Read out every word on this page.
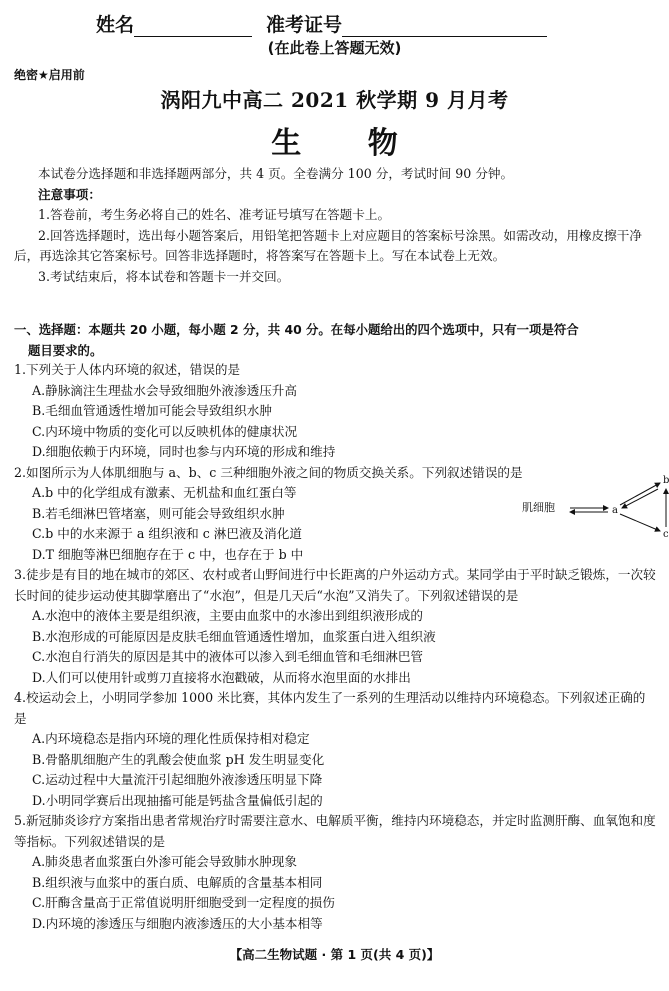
姓名	准考证号
(在此卷上答题无效)
绝密★启用前
涡阳九中高二 2021 秋学期 9 月月考
生 物

本试卷分选择题和非选择题两部分，共 4 页。全卷满分 100 分，考试时间 90 分钟。

注意事项：

1.答卷前，考生务必将自己的姓名、准考证号填写在答题卡上。

2.回答选择题时，选出每小题答案后，用铅笔把答题卡上对应题目的答案标号涂黑。如需改动，用橡皮擦干净后，再选涂其它答案标号。回答非选择题时，将答案写在答题卡上。写在本试卷上无效。

3.考试结束后，将本试卷和答题卡一并交回。

一、选择题：本题共 20 小题，每小题 2 分，共 40 分。在每小题给出的四个选项中，只有一项是符合
题目要求的。
1.下列关于人体内环境的叙述，错误的是
A.静脉滴注生理盐水会导致细胞外液渗透压升高
B.毛细血管通透性增加可能会导致组织水肿
C.内环境中物质的变化可以反映机体的健康状况
D.细胞依赖于内环境，同时也参与内环境的形成和维持
2.如图所示为人体肌细胞与 a、b、c 三种细胞外液之间的物质交换关系。下列叙述错误的是
A.b 中的化学组成有激素、无机盐和血红蛋白等
B.若毛细淋巴管堵塞，则可能会导致组织水肿
C.b 中的水来源于 a 组织液和 c 淋巴液及消化道
D.T 细胞等淋巴细胞存在于 c 中，也存在于 b 中
肌细胞	a
b
c
3.徒步是有目的地在城市的郊区、农村或者山野间进行中长距离的户外运动方式。某同学由于平时缺乏锻炼，一次较长时间的徒步运动使其脚掌磨出了“水泡”，但是几天后“水泡”又消失了。下列叙述错误的是
A.水泡中的液体主要是组织液，主要由血浆中的水渗出到组织液形成的
B.水泡形成的可能原因是皮肤毛细血管通透性增加，血浆蛋白进入组织液
C.水泡自行消失的原因是其中的液体可以渗入到毛细血管和毛细淋巴管
D.人们可以使用针或剪刀直接将水泡戳破，从而将水泡里面的水排出
4.校运动会上，小明同学参加 1000 米比赛，其体内发生了一系列的生理活动以维持内环境稳态。下列叙述正确的是
A.内环境稳态是指内环境的理化性质保持相对稳定
B.骨骼肌细胞产生的乳酸会使血浆 pH 发生明显变化
C.运动过程中大量流汗引起细胞外液渗透压明显下降
D.小明同学赛后出现抽搐可能是钙盐含量偏低引起的
5.新冠肺炎诊疗方案指出患者常规治疗时需要注意水、电解质平衡，维持内环境稳态，并定时监测肝酶、血氧饱和度等指标。下列叙述错误的是
A.肺炎患者血浆蛋白外渗可能会导致肺水肿现象
B.组织液与血浆中的蛋白质、电解质的含量基本相同
C.肝酶含量高于正常值说明肝细胞受到一定程度的损伤
D.内环境的渗透压与细胞内液渗透压的大小基本相等
【高二生物试题 · 第 1 页(共 4 页)】
